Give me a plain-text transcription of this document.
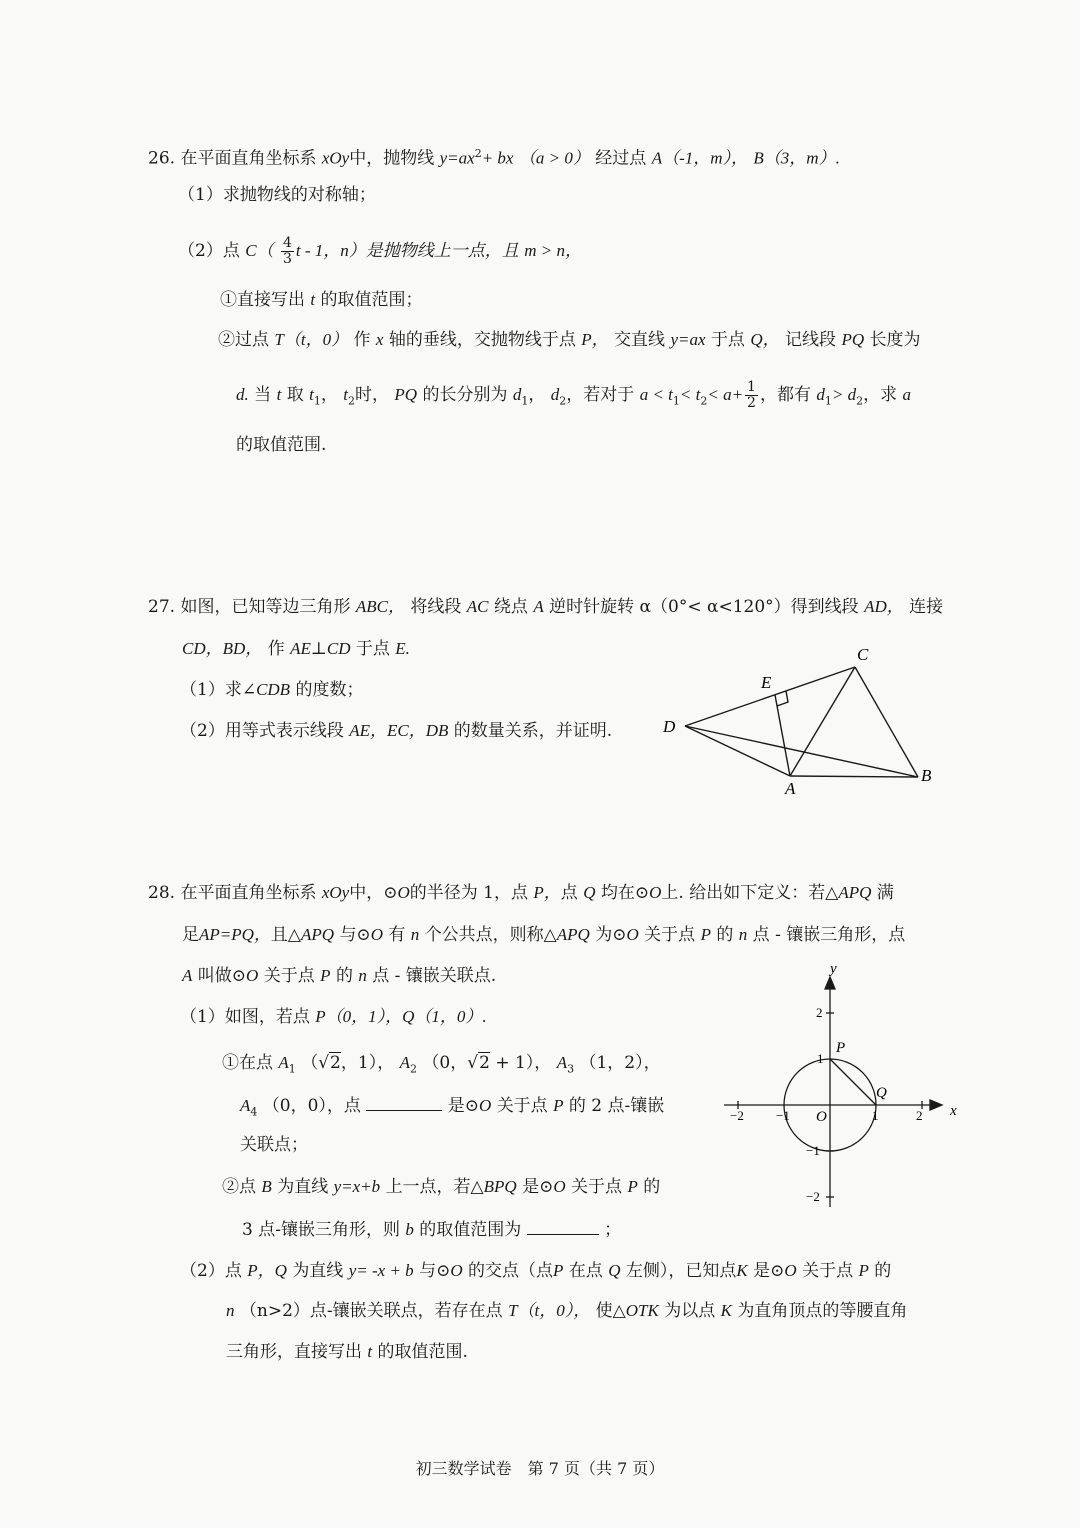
26. 在平面直角坐标系 xOy中，抛物线 $y=ax^2+$ bx （a > 0） 经过点 A（-1，m）， B（3，m）.
（1）求抛物线的对称轴；
（2）点 $C( \frac{4}{3}$ t - 1，n）是抛物线上一点，且 m > n，
①直接写出 t 的取值范围；
②过点 T（t，0） 作 x 轴的垂线，交抛物线于点 P， 交直线 y=ax 于点 Q， 记线段 PQ 长度为
d. 当 t 取 $t_1$， $t_2$时， PQ 的长分别为 $d_1$， $d_2$，若对于 $a < t_1< t_2< a+ \frac{1}{2}$ ，都有 $d_1> d_2$，求 a
的取值范围.
27. 如图，已知等边三角形 ABC， 将线段 AC 绕点 A 逆时针旋转 α（0°< α<120°）得到线段 AD， 连接
CD，BD， 作 AE⊥CD 于点 E.
（1）求∠CDB 的度数；
（2）用等式表示线段 AE，EC，DB 的数量关系，并证明.
C
E
D
A
B
28. 在平面直角坐标系 xOy中，⊙O的半径为 1，点 P，点 Q 均在⊙O上. 给出如下定义：若△APQ 满
足AP=PQ，且△APQ 与⊙O 有 n 个公共点，则称△APQ 为⊙O 关于点 P 的 n 点 - 镶嵌三角形，点
A 叫做⊙O 关于点 P 的 n 点 - 镶嵌关联点.
（1）如图，若点 P（0，1），Q（1，0）.
①在点 $A_1$ （√2，1）， $A_2$ （0，√2 + 1）， $A_3$ （1，2），
$A_4$ （0，0），点	是⊙O 关于点 P 的 2 点-镶嵌
关联点；
②点 B 为直线 y=x+b 上一点，若△BPQ 是⊙O 关于点 P 的
3 点-镶嵌三角形，则 b 的取值范围为	；
（2）点 P，Q 为直线 y= -x + b 与⊙O 的交点（点P 在点 Q 左侧），已知点K 是⊙O 关于点 P 的
n （n>2）点-镶嵌关联点，若存在点 T（t，0）， 使△OTK 为以点 K 为直角顶点的等腰直角
三角形，直接写出 t 的取值范围.
y
x
2
1
−2 −1	1	2
−1
−2
P
Q
O
初三数学试卷　第 7 页（共 7 页）
